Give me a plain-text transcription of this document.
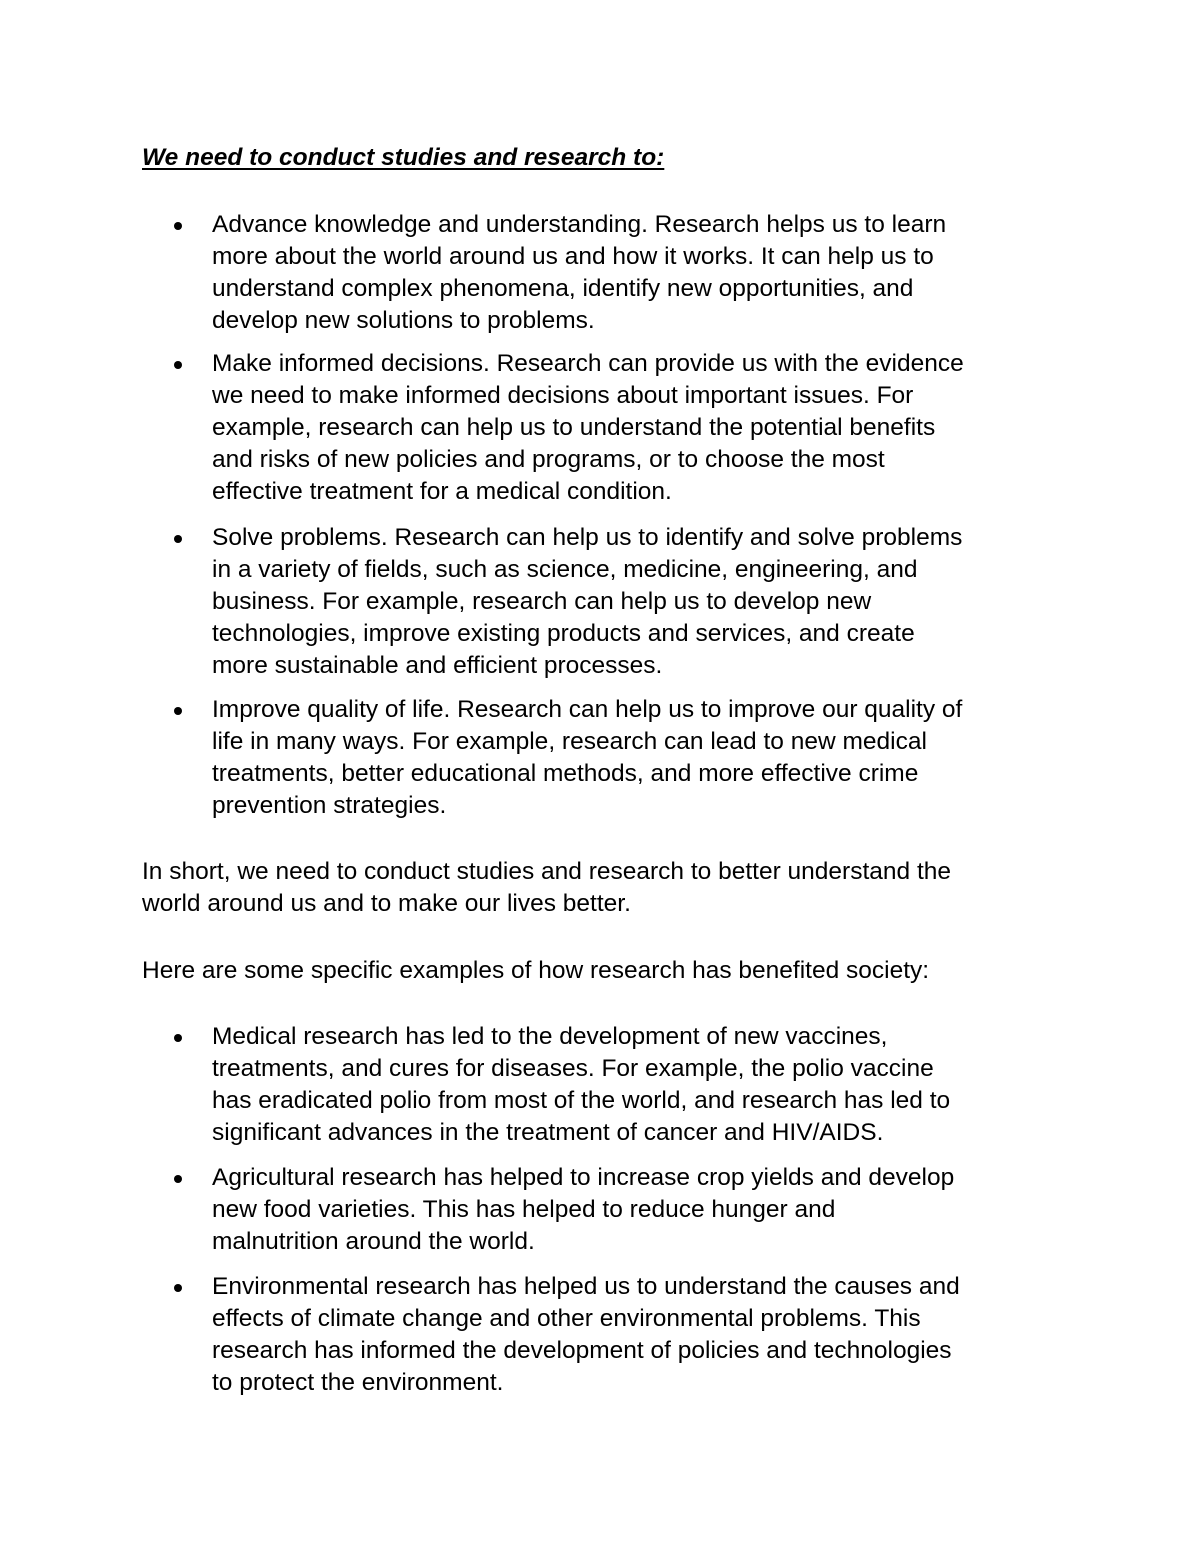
We need to conduct studies and research to:

Advance knowledge and understanding. Research helps us to learn
more about the world around us and how it works. It can help us to
understand complex phenomena, identify new opportunities, and
develop new solutions to problems.

Make informed decisions. Research can provide us with the evidence
we need to make informed decisions about important issues. For
example, research can help us to understand the potential benefits
and risks of new policies and programs, or to choose the most
effective treatment for a medical condition.

Solve problems. Research can help us to identify and solve problems
in a variety of fields, such as science, medicine, engineering, and
business. For example, research can help us to develop new
technologies, improve existing products and services, and create
more sustainable and efficient processes.

Improve quality of life. Research can help us to improve our quality of
life in many ways. For example, research can lead to new medical
treatments, better educational methods, and more effective crime
prevention strategies.

In short, we need to conduct studies and research to better understand the
world around us and to make our lives better.

Here are some specific examples of how research has benefited society:

Medical research has led to the development of new vaccines,
treatments, and cures for diseases. For example, the polio vaccine
has eradicated polio from most of the world, and research has led to
significant advances in the treatment of cancer and HIV/AIDS.

Agricultural research has helped to increase crop yields and develop
new food varieties. This has helped to reduce hunger and
malnutrition around the world.

Environmental research has helped us to understand the causes and
effects of climate change and other environmental problems. This
research has informed the development of policies and technologies
to protect the environment.
